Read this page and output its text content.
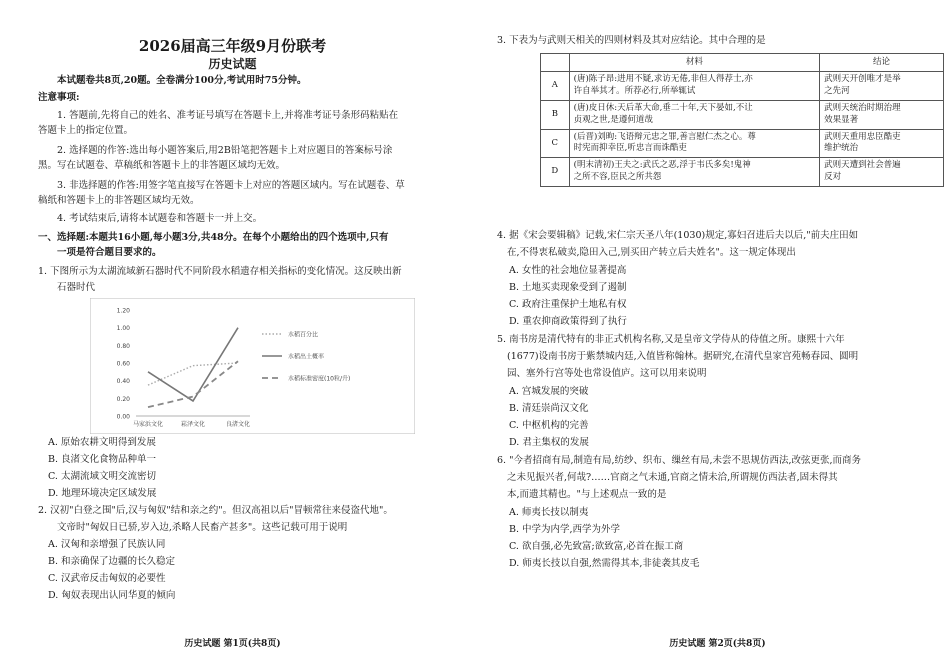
2026届高三年级9月份联考
历史试题
本试题卷共8页,20题。全卷满分100分,考试用时75分钟。
注意事项:
1. 答题前,先将自己的姓名、准考证号填写在答题卡上,并将准考证号条形码粘贴在
答题卡上的指定位置。
2. 选择题的作答:选出每小题答案后,用2B铅笔把答题卡上对应题目的答案标号涂
黑。写在试题卷、草稿纸和答题卡上的非答题区域均无效。
3. 非选择题的作答:用签字笔直接写在答题卡上对应的答题区域内。写在试题卷、草
稿纸和答题卡上的非答题区域均无效。
4. 考试结束后,请将本试题卷和答题卡一并上交。
一、选择题:本题共16小题,每小题3分,共48分。在每个小题给出的四个选项中,只有
一项是符合题目要求的。
1. 下图所示为太湖流域新石器时代不同阶段水稻遗存相关指标的变化情况。这反映出新
石器时代
0.00
0.20
0.40
0.60
0.80
1.00
1.20
马家浜文化	崧泽文化	良渚文化
水稻百分比
水稻出土概率
水稻标准密度(10粒/升)
A. 原始农耕文明得到发展
B. 良渚文化食物品种单一
C. 太湖流域文明交流密切
D. 地理环境决定区域发展
2. 汉初"白登之围"后,汉与匈奴"结和亲之约"。但汉高祖以后"冒顿常往来侵盗代地"。
文帝时"匈奴日已骄,岁入边,杀略人民畜产甚多"。这些记载可用于说明
A. 汉匈和亲增强了民族认同
B. 和亲确保了边疆的长久稳定
C. 汉武帝反击匈奴的必要性
D. 匈奴表现出认同华夏的倾向
历史试题 第1页(共8页)
3. 下表为与武则天相关的四则材料及其对应结论。其中合理的是
	材料	结论
A	(唐)陈子昂:进用不疑,求访无倦,非但人得荐士,亦
许自举其才。所荐必行,所举辄试	武则天开创唯才是举
之先河
B	(唐)皮日休:天后革大命,垂二十年,天下晏如,不让
贞观之世,是遵何道哉	武则天统治时期治理
效果显著
C	(后晋)刘昫:飞语辩元忠之罪,善言慰仁杰之心。尊
时宪而抑幸臣,听忠言而诛酷吏	武则天重用忠臣酷吏
维护统治
D	(明末清初)王夫之:武氏之恶,浮于韦氏多矣!鬼神
之所不容,臣民之所共怨	武则天遭到社会普遍
反对
4. 据《宋会要辑稿》记载,宋仁宗天圣八年(1030)规定,寡妇召进后夫以后,"前夫庄田如
在,不得衷私破卖,隐田入己,别买田产转立后夫姓名"。这一规定体现出
A. 女性的社会地位显著提高
B. 土地买卖现象受到了遏制
C. 政府注重保护土地私有权
D. 重农抑商政策得到了执行
5. 南书房是清代特有的非正式机构名称,又是皇帝文学侍从的侍值之所。康熙十六年
(1677)设南书房于紫禁城内廷,入值皆称翰林。据研究,在清代皇家宫苑畅春园、圆明
园、塞外行宫等处也常设值庐。这可以用来说明
A. 宫城发展的突破
B. 清廷崇尚汉文化
C. 中枢机构的完善
D. 君主集权的发展
6. "今者招商有局,制造有局,纺纱、织布、缫丝有局,未尝不思规仿西法,改弦更张,而商务
之未见振兴者,何哉?……官商之气未通,官商之情未洽,所谓规仿西法者,固未得其
本,而遗其精也。"与上述观点一致的是
A. 师夷长技以制夷
B. 中学为内学,西学为外学
C. 欲自强,必先致富;欲致富,必首在振工商
D. 师夷长技以自强,然需得其本,非徒袭其皮毛
历史试题 第2页(共8页)
